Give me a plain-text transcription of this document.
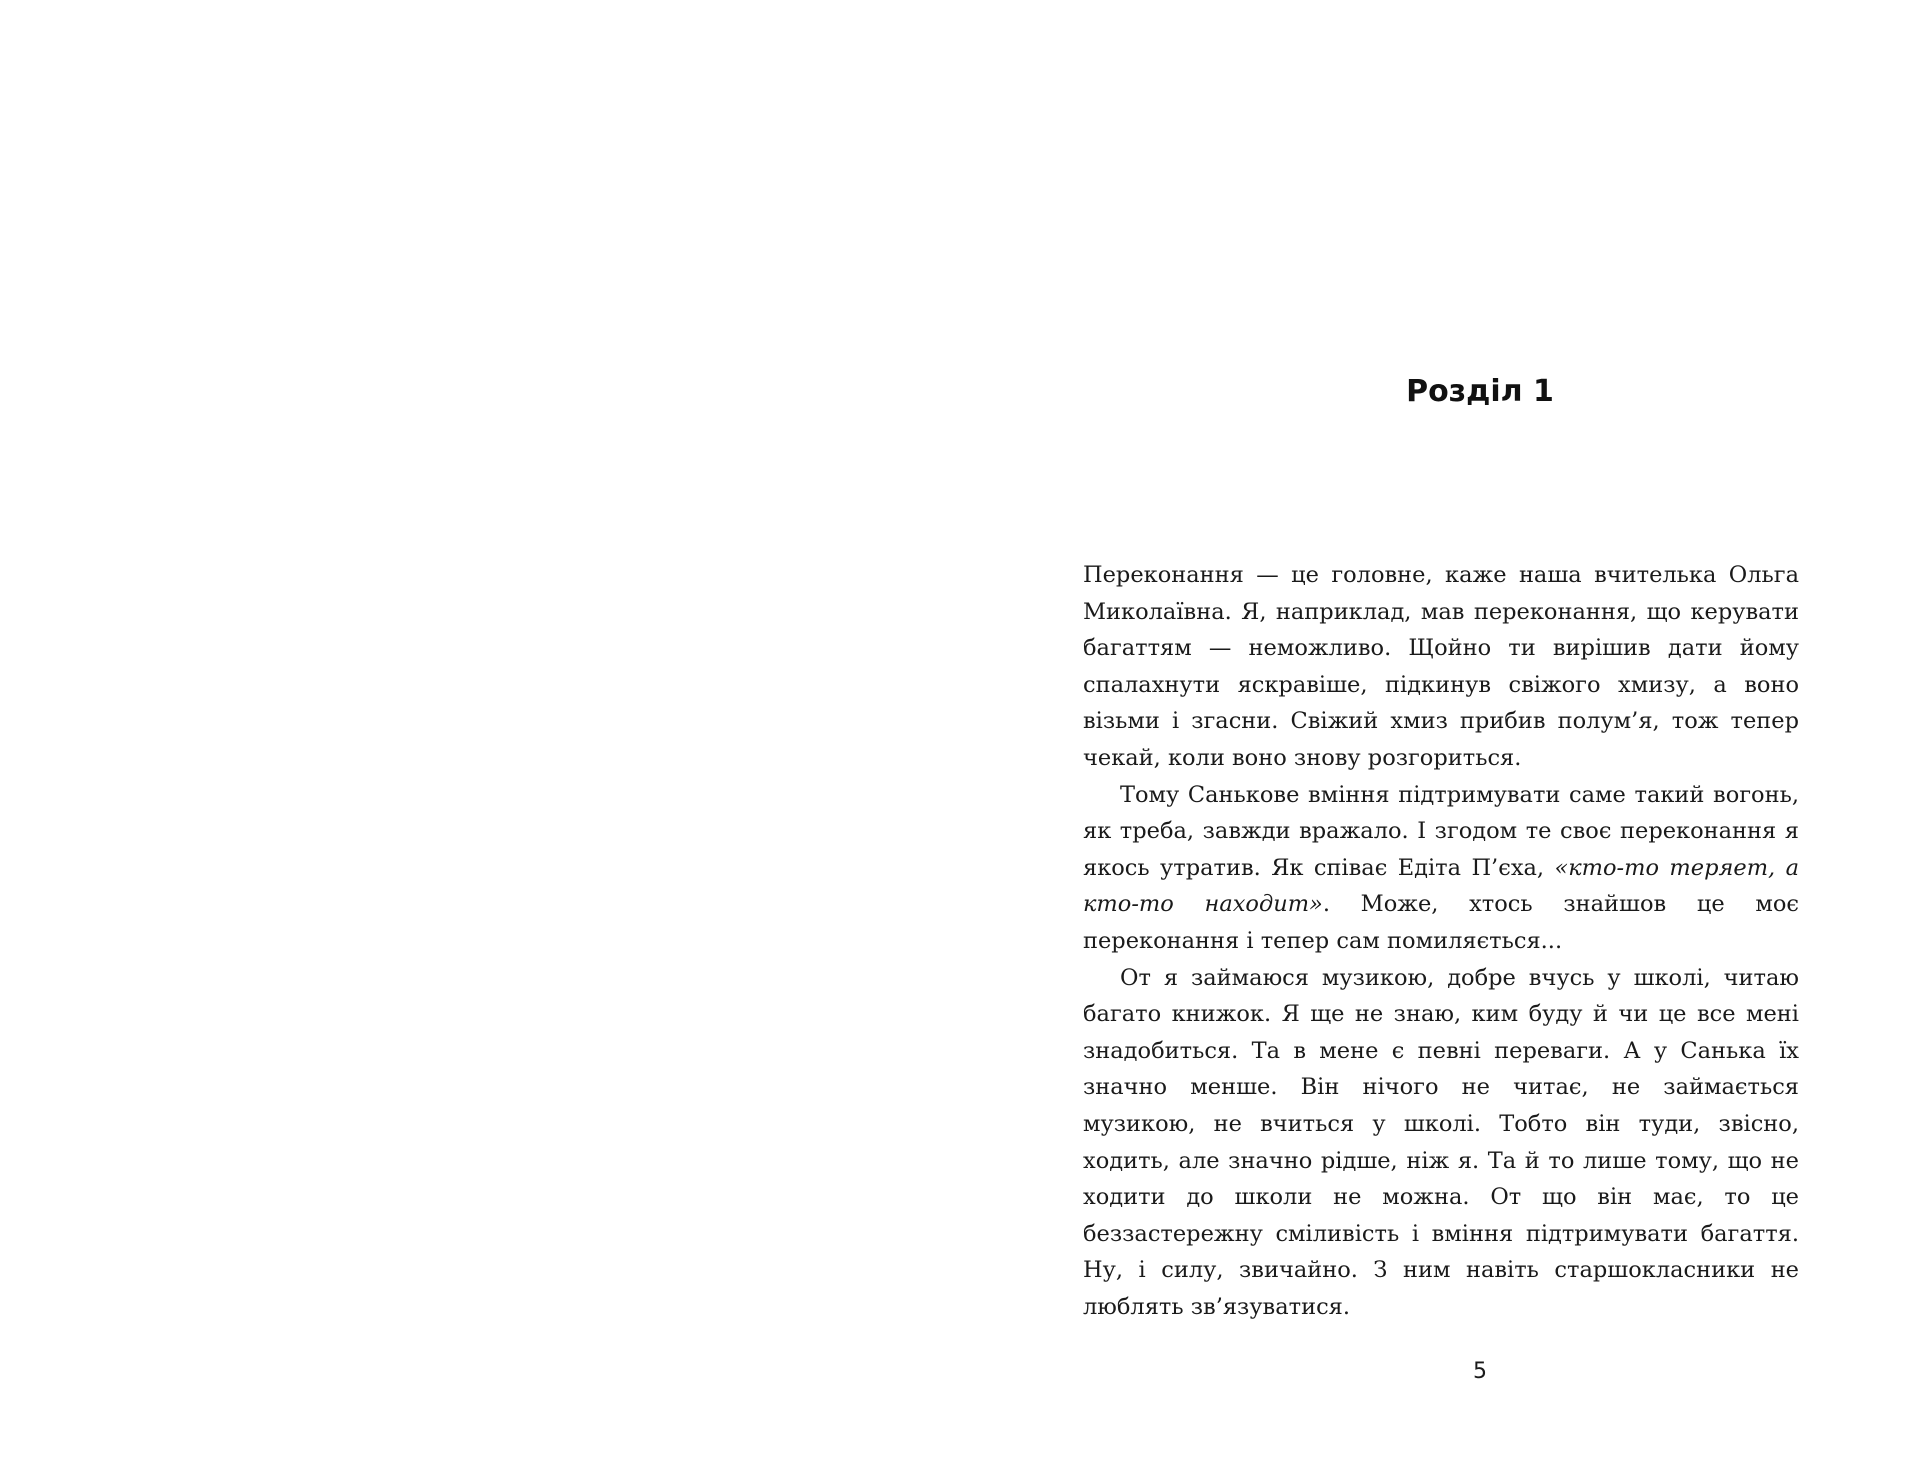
Розділ 1

Переконання — це головне, каже наша вчителька Ольга Миколаївна. Я, наприклад, мав переконання, що керувати багаттям — неможливо. Щойно ти вирішив дати йому спалахнути яскравіше, підкинув свіжого хмизу, а воно візьми і згасни. Свіжий хмиз прибив полум’я, тож тепер чекай, коли воно знову розгориться.

Тому Санькове вміння підтримувати саме такий вогонь, як треба, завжди вражало. І згодом те своє переконання я якось утратив. Як співає Едіта П’єха, «кто-то теряет, а кто-то находит». Може, хтось знайшов це моє переконання і тепер сам помиляється...

От я займаюся музикою, добре вчусь у школі, читаю багато книжок. Я ще не знаю, ким буду й чи це все мені знадобиться. Та в мене є певні переваги. А у Санька їх значно менше. Він нічого не читає, не займається музикою, не вчиться у школі. Тобто він туди, звісно, ходить, але значно рідше, ніж я. Та й то лише тому, що не ходити до школи не можна. От що він має, то це беззастережну сміливість і вміння підтримувати багаття. Ну, і силу, звичайно. З ним навіть старшокласники не люблять зв’язуватися.

5
